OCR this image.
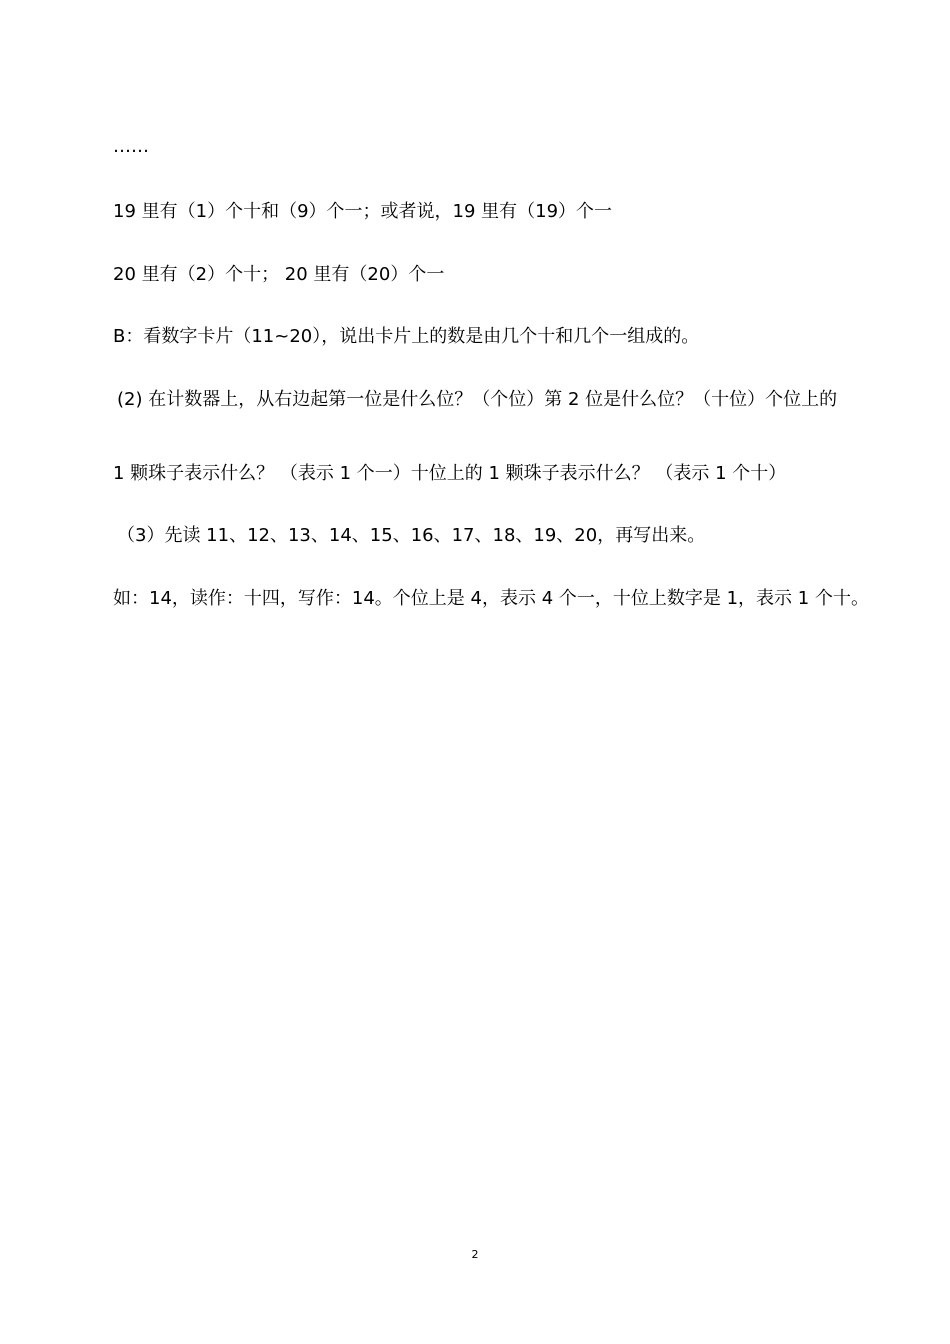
……
19 里有（1）个十和（9）个一；或者说，19 里有（19）个一
20 里有（2）个十； 20 里有（20）个一
B：看数字卡片（11~20），说出卡片上的数是由几个十和几个一组成的。
(2) 在计数器上，从右边起第一位是什么位？（个位）第 2 位是什么位？（十位）个位上的
1 颗珠子表示什么？ （表示 1 个一）十位上的 1 颗珠子表示什么？ （表示 1 个十）
（3）先读 11、12、13、14、15、16、17、18、19、20，再写出来。
如：14，读作：十四，写作：14。个位上是 4，表示 4 个一，十位上数字是 1，表示 1 个十。
2
